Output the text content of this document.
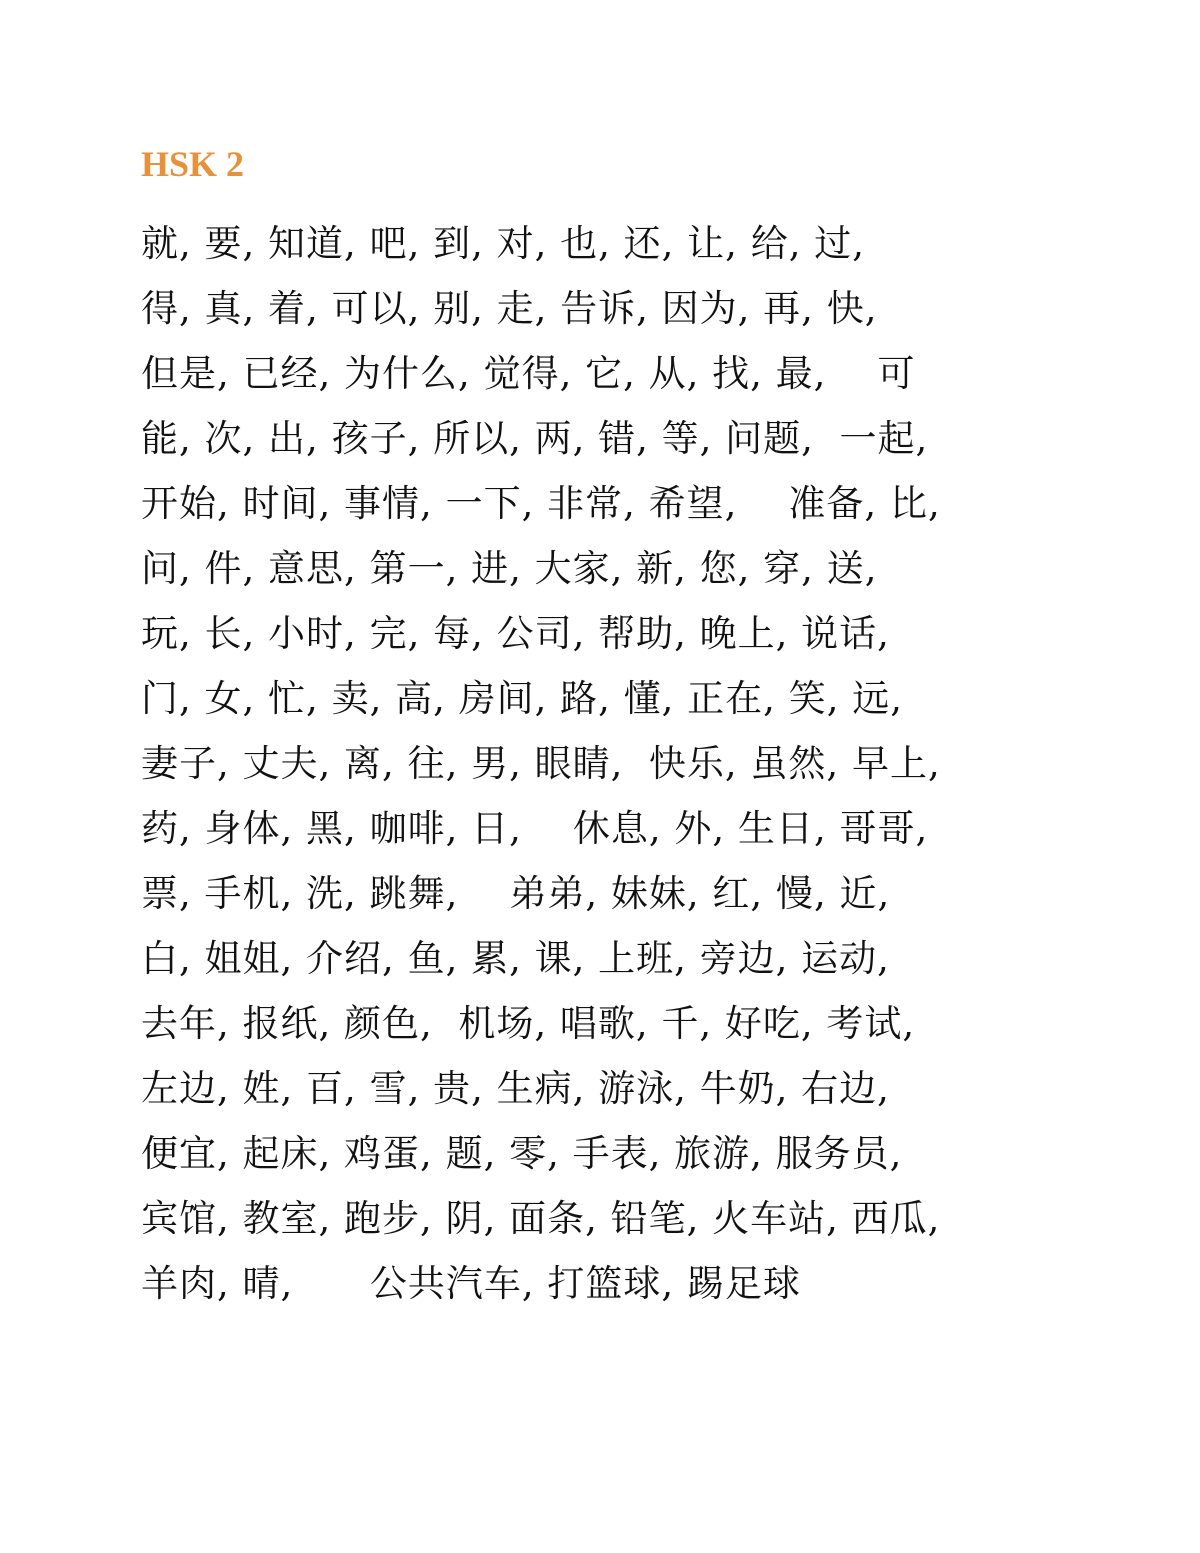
HSK 2
就, 要, 知道, 吧, 到, 对, 也, 还, 让, 给, 过,
得, 真, 着, 可以, 别, 走, 告诉, 因为, 再, 快,
但是, 已经, 为什么, 觉得, 它, 从, 找, 最,    可
能, 次, 出, 孩子, 所以, 两, 错, 等, 问题,  一起,
开始, 时间, 事情, 一下, 非常, 希望,    准备, 比,
问, 件, 意思, 第一, 进, 大家, 新, 您, 穿, 送,
玩, 长, 小时, 完, 每, 公司, 帮助, 晚上, 说话,
门, 女, 忙, 卖, 高, 房间, 路, 懂, 正在, 笑, 远,
妻子, 丈夫, 离, 往, 男, 眼睛,  快乐, 虽然, 早上,
药, 身体, 黑, 咖啡, 日,    休息, 外, 生日, 哥哥,
票, 手机, 洗, 跳舞,    弟弟, 妹妹, 红, 慢, 近,
白, 姐姐, 介绍, 鱼, 累, 课, 上班, 旁边, 运动,
去年, 报纸, 颜色,  机场, 唱歌, 千, 好吃, 考试,
左边, 姓, 百, 雪, 贵, 生病, 游泳, 牛奶, 右边,
便宜, 起床, 鸡蛋, 题, 零, 手表, 旅游, 服务员,
宾馆, 教室, 跑步, 阴, 面条, 铅笔, 火车站, 西瓜,
羊肉, 晴,      公共汽车, 打篮球, 踢足球
